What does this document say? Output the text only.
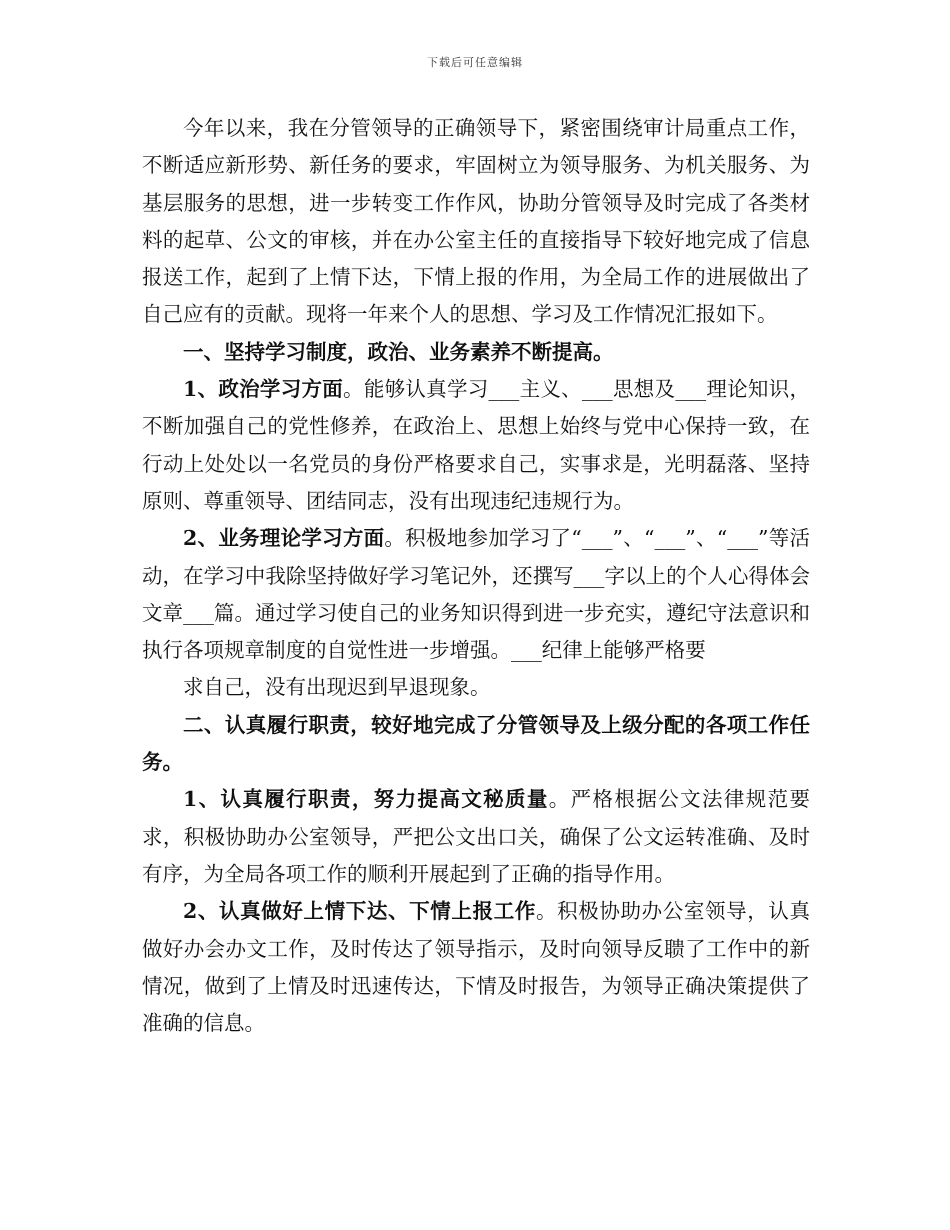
下载后可任意编辑

今年以来，我在分管领导的正确领导下，紧密围绕审计局重点工作，不断适应新形势、新任务的要求，牢固树立为领导服务、为机关服务、为基层服务的思想，进一步转变工作作风，协助分管领导及时完成了各类材料的起草、公文的审核，并在办公室主任的直接指导下较好地完成了信息报送工作，起到了上情下达，下情上报的作用，为全局工作的进展做出了自己应有的贡献。现将一年来个人的思想、学习及工作情况汇报如下。

一、坚持学习制度，政治、业务素养不断提高。

1、政治学习方面。能够认真学习___主义、___思想及___理论知识，不断加强自己的党性修养，在政治上、思想上始终与党中心保持一致，在行动上处处以一名党员的身份严格要求自己，实事求是，光明磊落、坚持原则、尊重领导、团结同志，没有出现违纪违规行为。

2、业务理论学习方面。积极地参加学习了“___”、“___”、“___”等活动，在学习中我除坚持做好学习笔记外，还撰写___字以上的个人心得体会文章___篇。通过学习使自己的业务知识得到进一步充实，遵纪守法意识和执行各项规章制度的自觉性进一步增强。___纪律上能够严格要

求自己，没有出现迟到早退现象。

二、认真履行职责，较好地完成了分管领导及上级分配的各项工作任务。

1、认真履行职责，努力提高文秘质量。严格根据公文法律规范要求，积极协助办公室领导，严把公文出口关，确保了公文运转准确、及时有序，为全局各项工作的顺利开展起到了正确的指导作用。

2、认真做好上情下达、下情上报工作。积极协助办公室领导，认真做好办会办文工作，及时传达了领导指示，及时向领导反聩了工作中的新情况，做到了上情及时迅速传达，下情及时报告，为领导正确决策提供了准确的信息。
